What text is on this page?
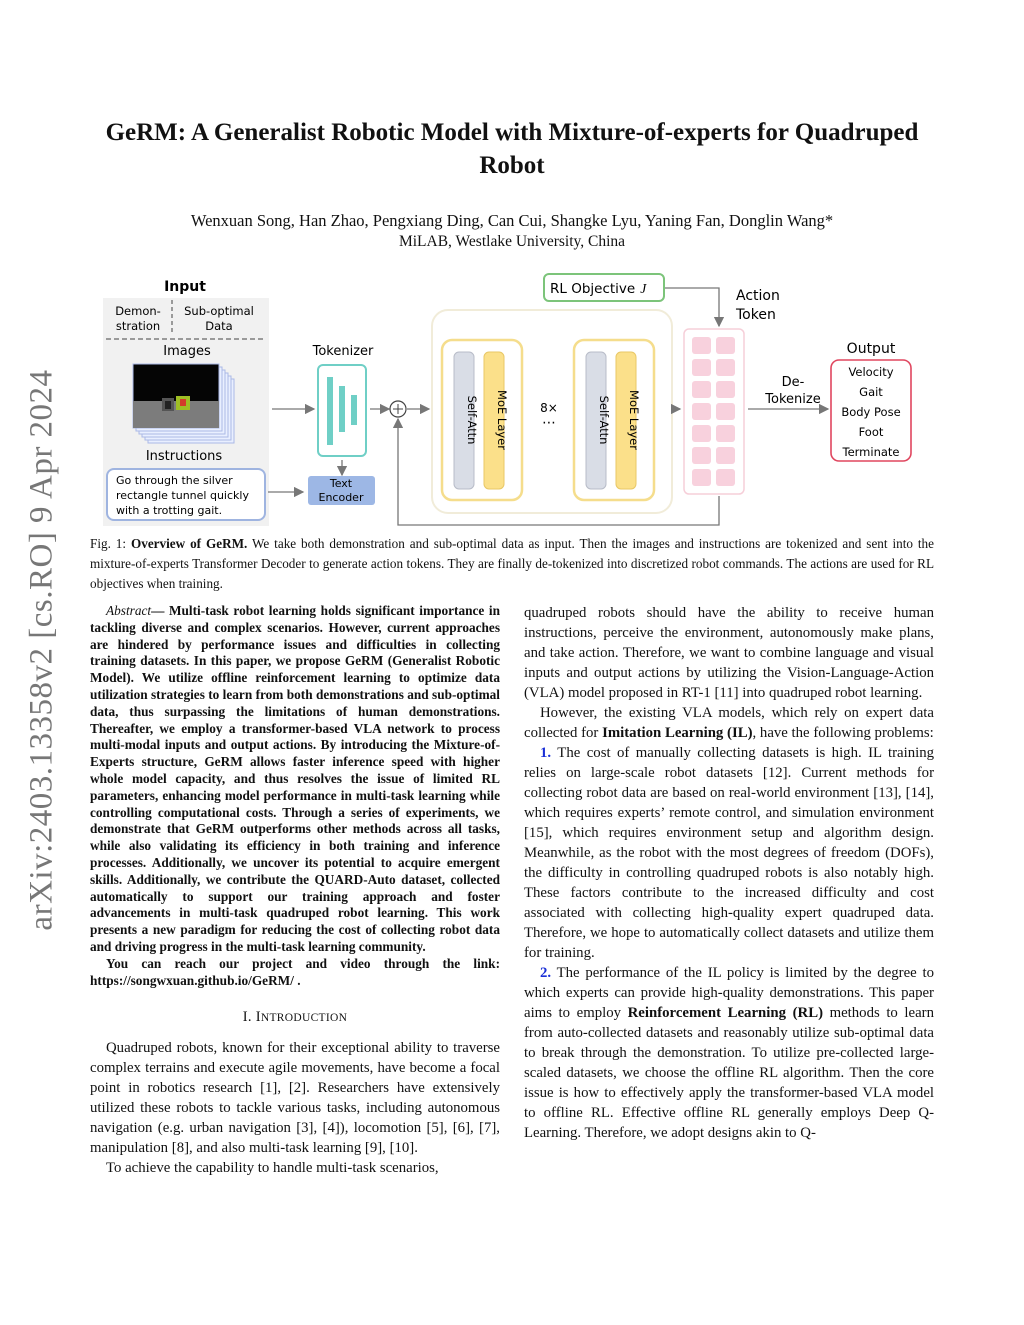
arXiv:2403.13358v2 [cs.RO] 9 Apr 2024
GeRM: A Generalist Robotic Model with Mixture-of-experts for Quadruped Robot
Wenxuan Song, Han Zhao, Pengxiang Ding, Can Cui, Shangke Lyu, Yaning Fan, Donglin Wang*
MiLAB, Westlake University, China
Input
Demon-
stration
Sub-optimal
Data
Images
Instructions
Go through the silver
rectangle tunnel quickly
with a trotting gait.
Tokenizer
Text
Encoder
Self-Attn MoE Layer	8×
⋯	Self-Attn MoE Layer
RL Objective J	Action
Token
De-
Tokenize
Output
Velocity
Gait
Body Pose
Foot
Terminate
Fig. 1: Overview of GeRM. We take both demonstration and sub-optimal data as input. Then the images and instructions are tokenized and sent into the mixture-of-experts Transformer Decoder to generate action tokens. They are finally de-tokenized into discretized robot commands. The actions are used for RL objectives when training.

Abstract— Multi-task robot learning holds significant importance in tackling diverse and complex scenarios. However, current approaches are hindered by performance issues and difficulties in collecting training datasets. In this paper, we propose GeRM (Generalist Robotic Model). We utilize offline reinforcement learning to optimize data utilization strategies to learn from both demonstrations and sub-optimal data, thus surpassing the limitations of human demonstrations. Thereafter, we employ a transformer-based VLA network to process multi-modal inputs and output actions. By introducing the Mixture-of-Experts structure, GeRM allows faster inference speed with higher whole model capacity, and thus resolves the issue of limited RL parameters, enhancing model performance in multi-task learning while controlling computational costs. Through a series of experiments, we demonstrate that GeRM outperforms other methods across all tasks, while also validating its efficiency in both training and inference processes. Additionally, we uncover its potential to acquire emergent skills. Additionally, we contribute the QUARD-Auto dataset, collected automatically to support our training approach and foster advancements in multi-task quadruped robot learning. This work presents a new paradigm for reducing the cost of collecting robot data and driving progress in the multi-task learning community.

You can reach our project and video through the link: https://songwxuan.github.io/GeRM/ .

I. INTRODUCTION

Quadruped robots, known for their exceptional ability to traverse complex terrains and execute agile movements, have become a focal point in robotics research [1], [2]. Researchers have extensively utilized these robots to tackle various tasks, including autonomous navigation (e.g. urban navigation [3], [4]), locomotion [5], [6], [7], manipulation [8], and also multi-task learning [9], [10].

To achieve the capability to handle multi-task scenarios,

quadruped robots should have the ability to receive human instructions, perceive the environment, autonomously make plans, and take action. Therefore, we want to combine language and visual inputs and output actions by utilizing the Vision-Language-Action (VLA) model proposed in RT-1 [11] into quadruped robot learning.

However, the existing VLA models, which rely on expert data collected for Imitation Learning (IL), have the following problems:

1. The cost of manually collecting datasets is high. IL training relies on large-scale robot datasets [12]. Current methods for collecting robot data are based on real-world environment [13], [14], which requires experts’ remote control, and simulation environment [15], which requires environment setup and algorithm design. Meanwhile, as the robot with the most degrees of freedom (DOFs), the difficulty in controlling quadruped robots is also notably high. These factors contribute to the increased difficulty and cost associated with collecting high-quality expert quadruped data. Therefore, we hope to automatically collect datasets and utilize them for training.

2. The performance of the IL policy is limited by the degree to which experts can provide high-quality demonstrations. This paper aims to employ Reinforcement Learning (RL) methods to learn from auto-collected datasets and reasonably utilize sub-optimal data to break through the demonstration. To utilize pre-collected large-scaled datasets, we choose the offline RL algorithm. Then the core issue is how to effectively apply the transformer-based VLA model to offline RL. Effective offline RL generally employs Deep Q-Learning. Therefore, we adopt designs akin to Q-
